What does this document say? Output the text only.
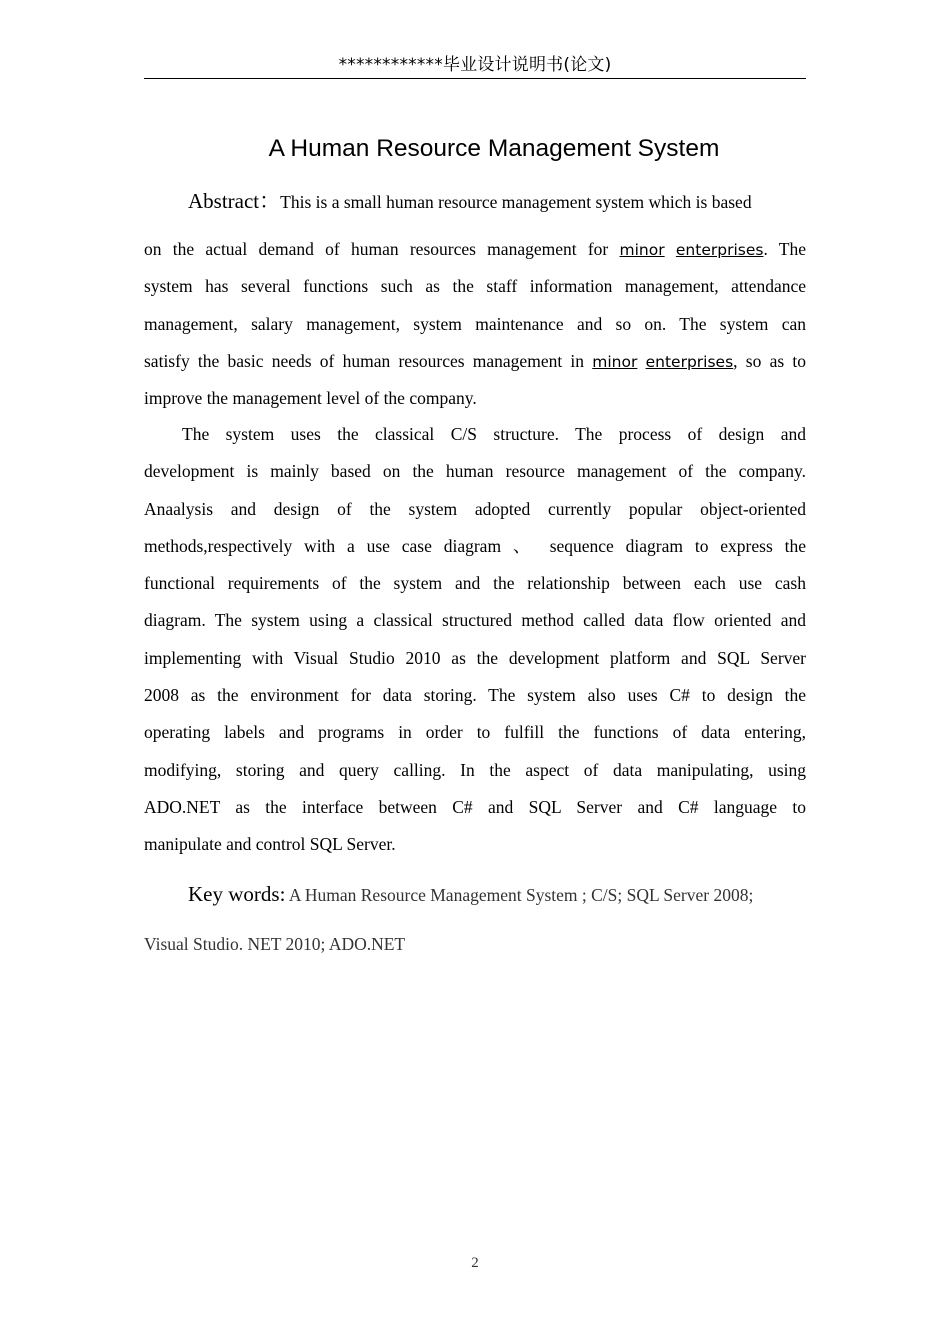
************毕业设计说明书(论文)
A Human Resource Management System
Abstract：This is a small human resource management system which is based
on the actual demand of human resources management for minor enterprises. The
system has several functions such as the staff information management, attendance
management, salary management, system maintenance and so on. The system can
satisfy the basic needs of human resources management in minor enterprises, so as to
improve the management level of the company.
The system uses the classical C/S structure. The process of design and
development is mainly based on the human resource management of the company.
Anaalysis and design of the system adopted currently popular object-oriented
methods,respectively with a use case diagram 、 sequence diagram to express the
functional requirements of the system and the relationship between each use cash
diagram. The system using a classical structured method called data flow oriented and
implementing with Visual Studio 2010 as the development platform and SQL Server
2008 as the environment for data storing. The system also uses C# to design the
operating labels and programs in order to fulfill the functions of data entering,
modifying, storing and query calling. In the aspect of data manipulating, using
ADO.NET as the interface between C# and SQL Server and C# language to
manipulate and control SQL Server.
Key words: A Human Resource Management System ; C/S; SQL Server 2008;
Visual Studio. NET 2010; ADO.NET
2
